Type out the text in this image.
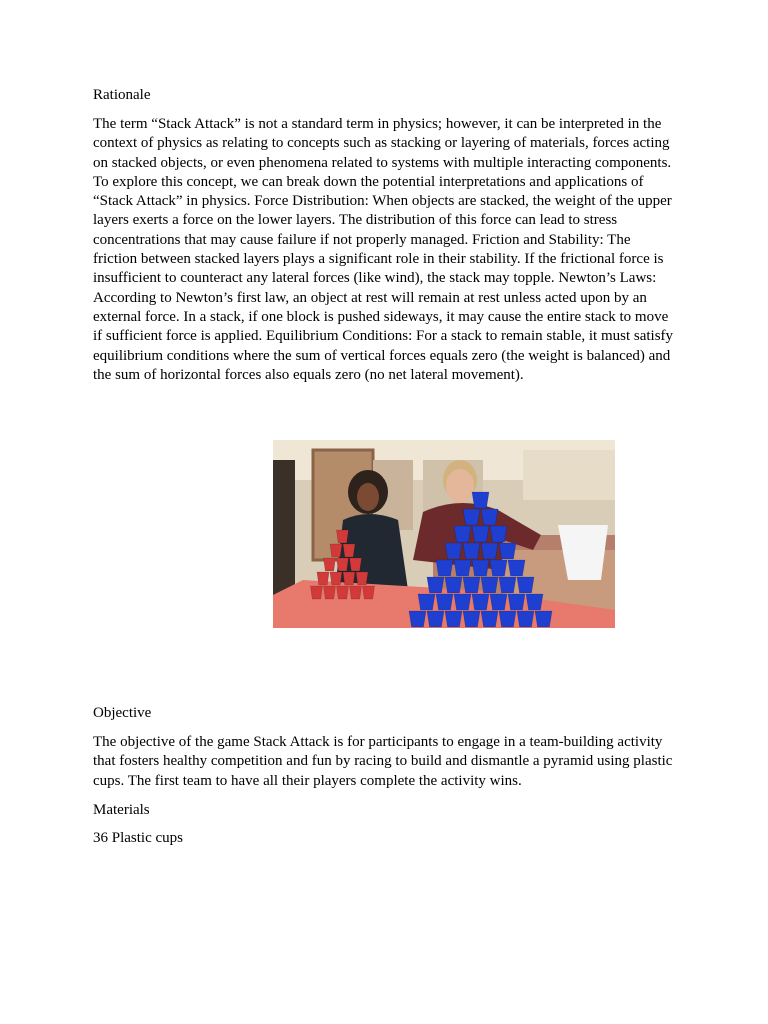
Rationale

The term “Stack Attack” is not a standard term in physics; however, it can be interpreted in the context of physics as relating to concepts such as stacking or layering of materials, forces acting on stacked objects, or even phenomena related to systems with multiple interacting components. To explore this concept, we can break down the potential interpretations and applications of “Stack Attack” in physics. Force Distribution: When objects are stacked, the weight of the upper layers exerts a force on the lower layers. The distribution of this force can lead to stress concentrations that may cause failure if not properly managed. Friction and Stability: The friction between stacked layers plays a significant role in their stability. If the frictional force is insufficient to counteract any lateral forces (like wind), the stack may topple. Newton’s Laws: According to Newton’s first law, an object at rest will remain at rest unless acted upon by an external force. In a stack, if one block is pushed sideways, it may cause the entire stack to move if sufficient force is applied. Equilibrium Conditions: For a stack to remain stable, it must satisfy equilibrium conditions where the sum of vertical forces equals zero (the weight is balanced) and the sum of horizontal forces also equals zero (no net lateral movement).

Objective

The objective of the game Stack Attack is for participants to engage in a team-building activity that fosters healthy competition and fun by racing to build and dismantle a pyramid using plastic cups. The first team to have all their players complete the activity wins.

Materials

36 Plastic cups
